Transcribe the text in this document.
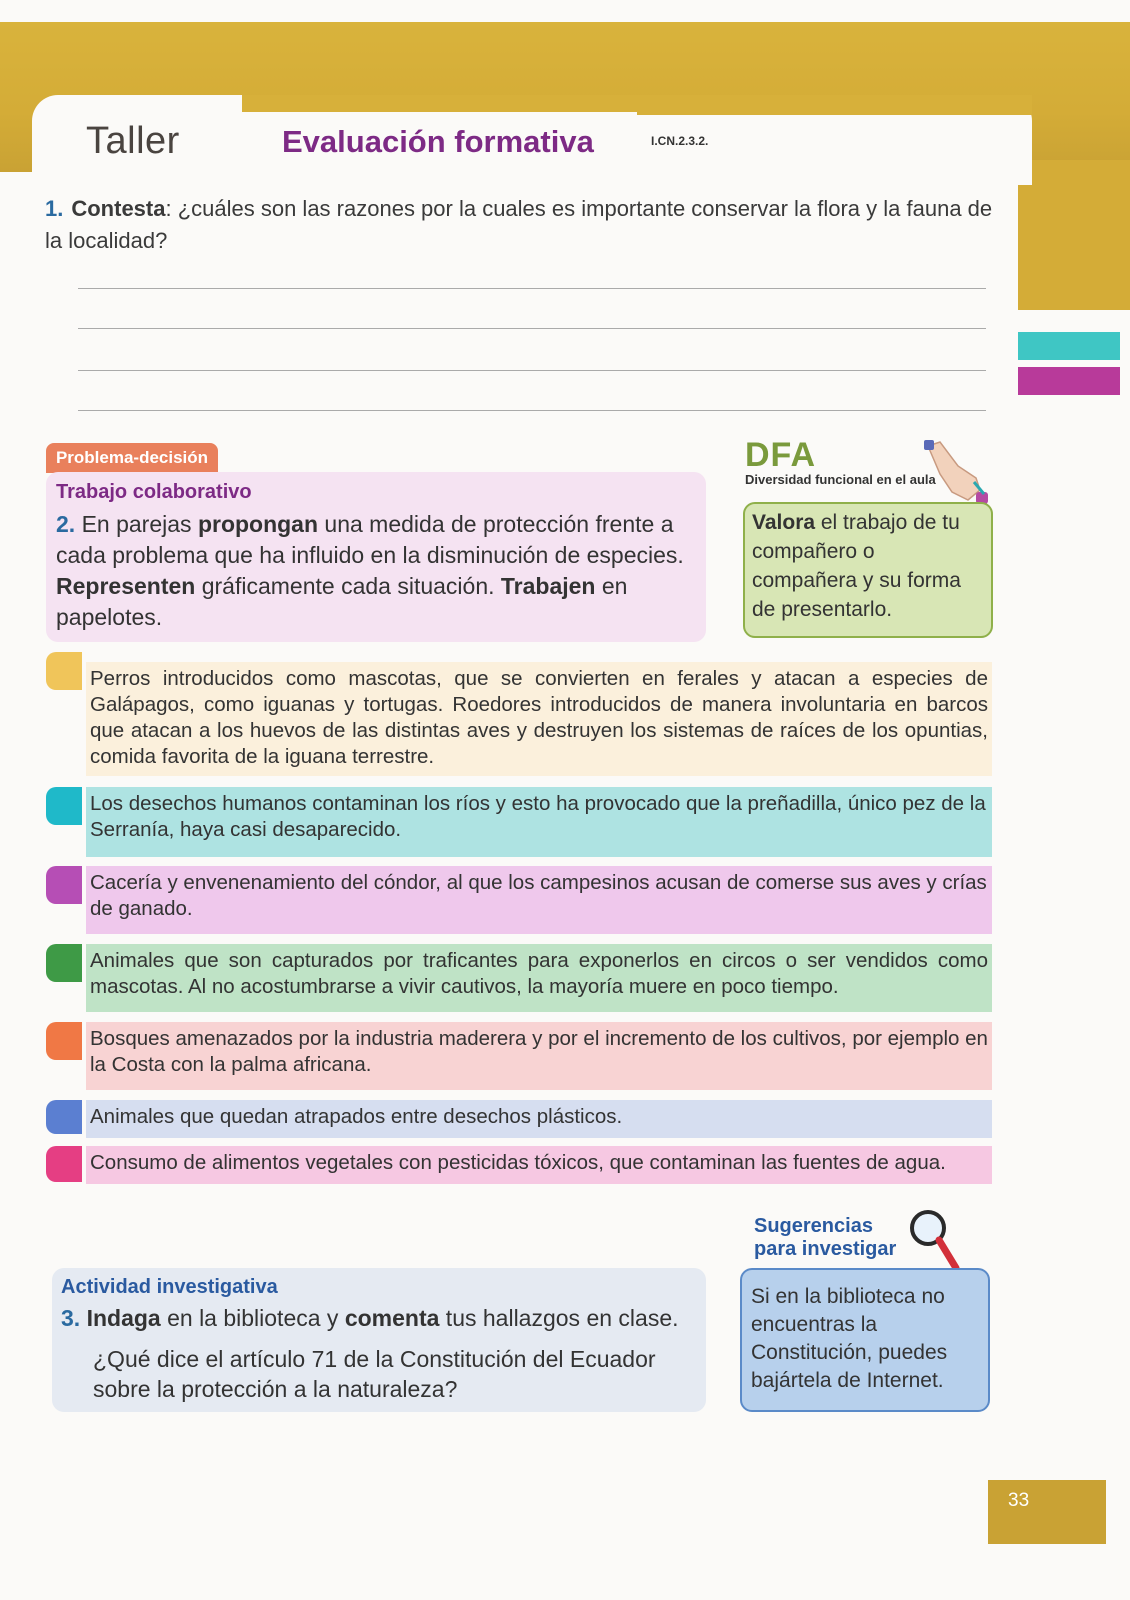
Taller	Evaluación formativa	I.CN.2.3.2.
1. Contesta: ¿cuáles son las razones por la cuales es importante conservar la flora y la fauna de la localidad?
Problema-decisión
Trabajo colaborativo
2. En parejas propongan una medida de protección frente a cada problema que ha influido en la disminución de especies. Representen gráficamente cada situación. Trabajen en papelotes.
DFA
Diversidad funcional en el aula
Valora el trabajo de tu compañero o compañera y su forma de presentarlo.
Perros introducidos como mascotas, que se convierten en ferales y atacan a especies de Galápagos, como iguanas y tortugas. Roedores introducidos de manera involuntaria en barcos que atacan a los huevos de las distintas aves y destruyen los sistemas de raíces de los opuntias, comida favorita de la iguana terrestre.
Los desechos humanos contaminan los ríos y esto ha provocado que la preñadilla, único pez de la Serranía, haya casi desaparecido.
Cacería y envenenamiento del cóndor, al que los campesinos acusan de comerse sus aves y crías de ganado.
Animales que son capturados por traficantes para exponerlos en circos o ser vendidos como mascotas. Al no acostumbrarse a vivir cautivos, la mayoría muere en poco tiempo.
Bosques amenazados por la industria maderera y por el incremento de los cultivos, por ejemplo en la Costa con la palma africana.
Animales que quedan atrapados entre desechos plásticos.
Consumo de alimentos vegetales con pesticidas tóxicos, que contaminan las fuentes de agua.
Actividad investigativa
3. Indaga en la biblioteca y comenta tus hallazgos en clase.
¿Qué dice el artículo 71 de la Constitución del Ecuador sobre la protección a la naturaleza?
Sugerencias
para investigar
Si en la biblioteca no encuentras la Constitución, puedes bajártela de Internet.
33
